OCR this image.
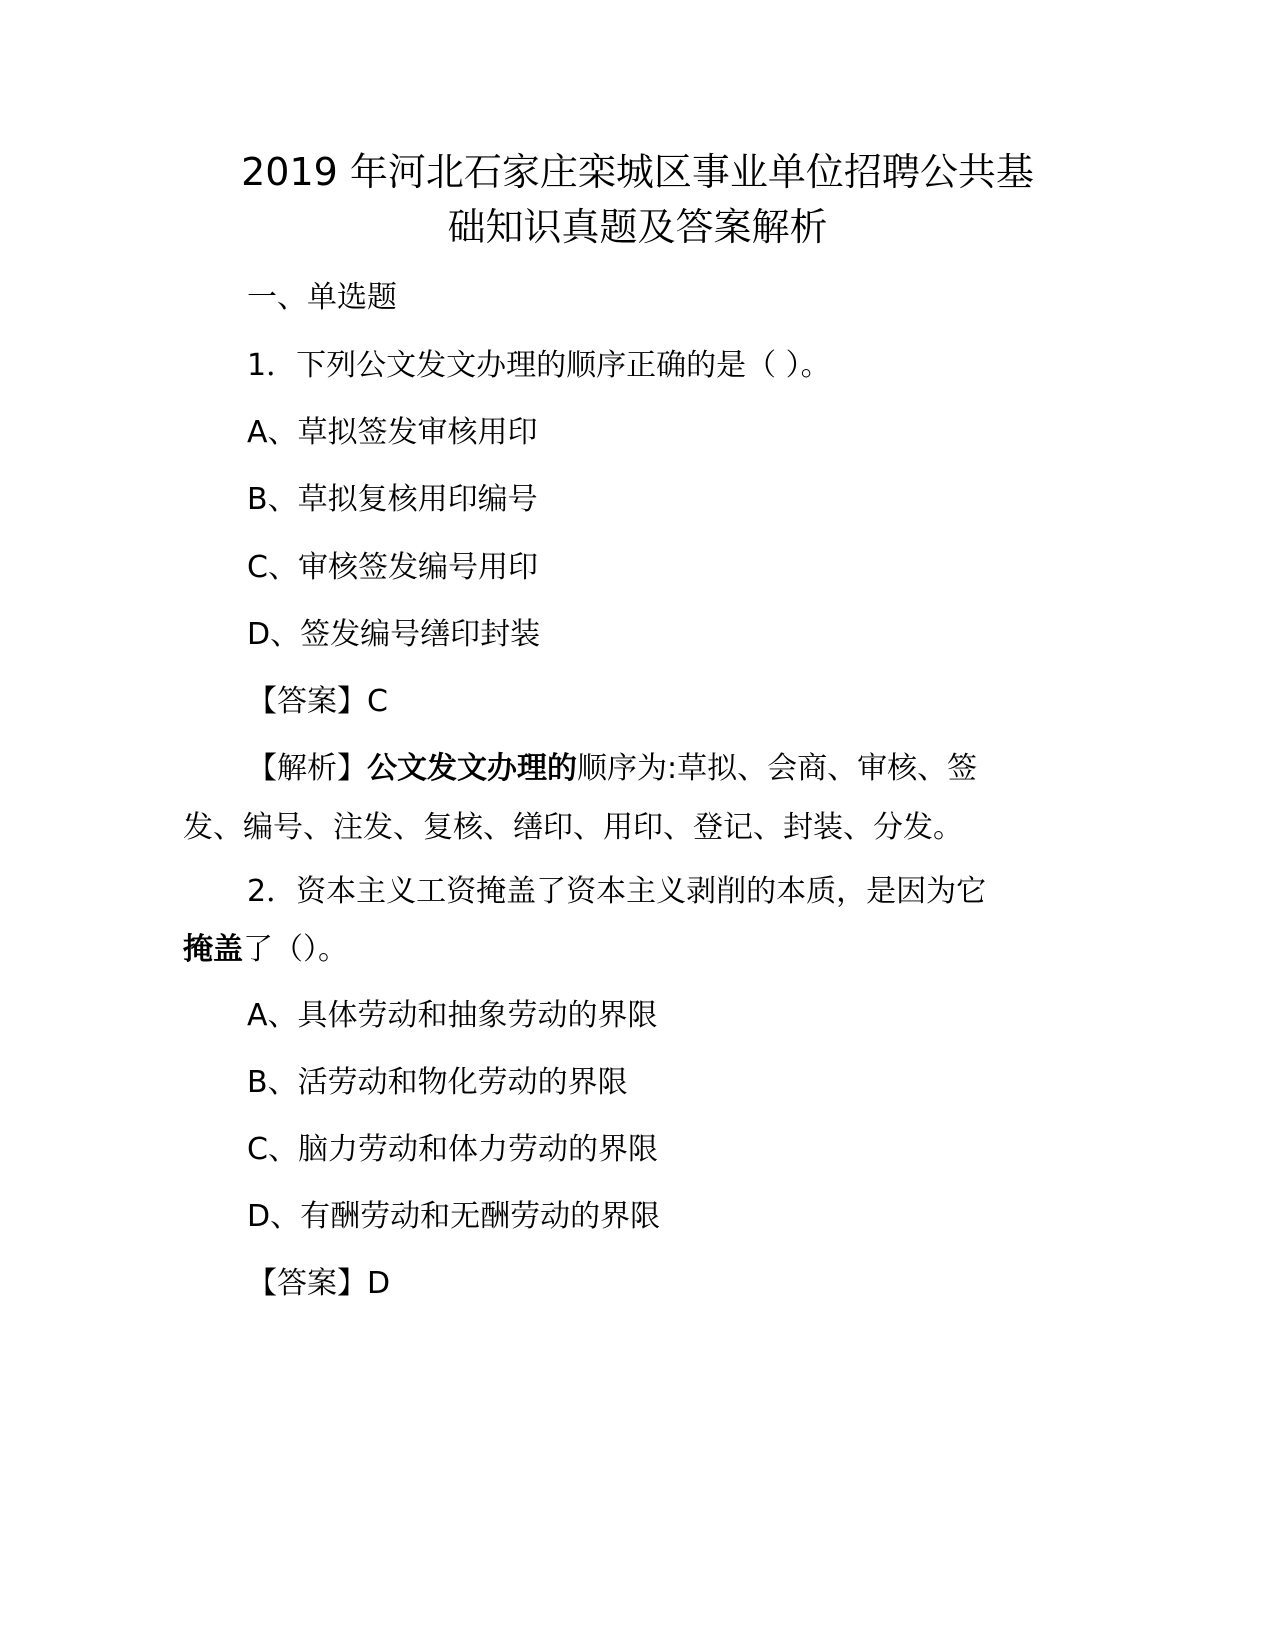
2019 年河北石家庄栾城区事业单位招聘公共基
础知识真题及答案解析

一、单选题

1．下列公文发文办理的顺序正确的是（ ）。

A、草拟签发审核用印

B、草拟复核用印编号

C、审核签发编号用印

D、签发编号缮印封装

【答案】C

【解析】公文发文办理的顺序为:草拟、会商、审核、签

发、编号、注发、复核、缮印、用印、登记、封装、分发。

2．资本主义工资掩盖了资本主义剥削的本质，是因为它

掩盖了（）。

A、具体劳动和抽象劳动的界限

B、活劳动和物化劳动的界限

C、脑力劳动和体力劳动的界限

D、有酬劳动和无酬劳动的界限

【答案】D
